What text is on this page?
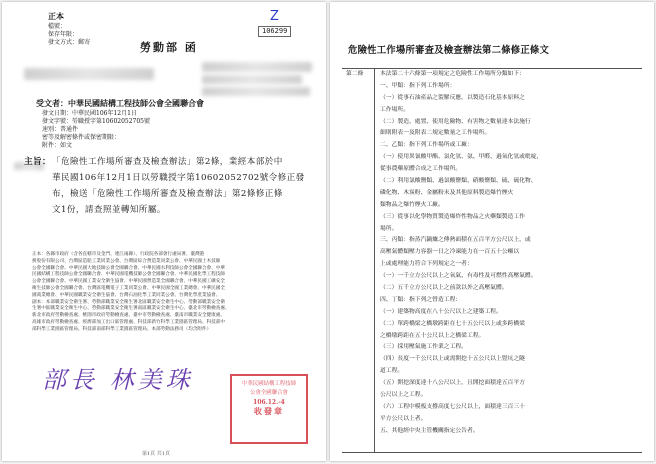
正本
檔號：
保存年限：
發文方式：郵寄
Z
106299
勞動部 函
受文者：中華民國結構工程技師公會全國聯合會
發文日期：中華民國106年12月1日
發文字號：勞職授字第10602052705號
速別：普通件
密等及解密條件或保密期限：
附件：如文
主旨： 「危險性工作場所審查及檢查辦法」第2條，業經本部於中
華民國106年12月1日以勞職授字第10602052702號令修正發
布，檢送「危險性工作場所審查及檢查辦法」第2條修正條
文1份，請查照並轉知所屬。
正本：各縣市政府（含各直轄市及金門、連江兩縣）、行政院各部會行處局署、臺灣港
務股份有限公司、台灣區造船工業同業公會、台灣區綜合營造業同業公會、中華民國土木技師
公會全國聯合會、中華民國大地技師公會全國聯合會、中華民國水利技師公會全國聯合會、中華
民國結構工程技師公會全國聯合會、中華民國電機技師公會全國聯合會、中華民國化學工程技師
公會全國聯合會、中華民國工業安全衛生協會、中華民國營造業全國聯合會、中華民國工礦安全
衛生技師公會全國聯合會、台灣區電機電子工業同業公會、中華民國全國工業總會、中華民國全
國商業總會、中華民國職業安全衛生協會、台灣石油化學工業同業公會、台灣化學產業協會、
副本：本部職業安全衛生署、勞動部職業安全衛生署北區職業安全衛生中心、勞動部職業安全衛
生署中區職業安全衛生中心、勞動部職業安全衛生署南區職業安全衛生中心、臺北市勞動檢查處、
新北市政府勞動檢查處、桃園市政府勞動檢查處、臺中市勞動檢查處、臺南市職業安全健康處、
高雄市政府勞動檢查處、經濟部加工出口區管理處、科技部新竹科學工業園區管理局、科技部中
部科學工業園區管理局、科技部南部科學工業園區管理局、本部勞動法務司（均含附件）
部長 林美珠	中華民國結構工程技師
公會全國聯合會
106.12.-4
收發章
第1頁 共1頁
危險性工作場所審查及檢查辦法第二條修正條文
第二條	本法第二十六條第一項規定之危險性工作場所分類如下：
一、甲類：指下列工作場所：
（一）從事石油產品之裂解反應，以製造石化基本原料之
工作場所。
（二）製造、處置、使用危險物、有害物之數量達本法施行
細則附表一及附表二規定數量之工作場所。
二、乙類：指下列工作場所或工廠：
（一）使用異氰酸甲酯、氯化氫、氨、甲醛、過氧化氫或吡啶，
從事農藥原體合成之工作場所。
（二）利用氯酸鹽類、過氯酸鹽類、硝酸鹽類、硫、硫化物、
磷化物、木炭粉、金屬粉末及其他原料製造爆竹煙火
類物品之爆竹煙火工廠。
（三）從事以化學物質製造爆炸性物品之火藥類製造工作
場所。
三、丙類：指蒸汽鍋爐之傳熱面積在五百平方公尺以上，或
高壓氣體類壓力容器一日之冷凍能力在一百五十公噸以
上或處理能力符合下列規定之一者：
（一）一千立方公尺以上之氧氣、有毒性及可燃性高壓氣體。
（二）五千立方公尺以上之前款以外之高壓氣體。
四、丁類：指下列之營造工程：
（一）建築物高度在八十公尺以上之建築工程。
（二）單跨橋梁之橋墩跨距在七十五公尺以上或多跨橋梁
之橋墩跨距在五十公尺以上之橋梁工程。
（三）採用壓氣施工作業之工程。
（四）長度一千公尺以上或需開挖十五公尺以上豎坑之隧
道工程。
（五）開挖深度達十八公尺以上，且開挖面積達五百平方
公尺以上之工程。
（六）工程中模板支撐高度七公尺以上，面積達三百三十
平方公尺以上者。
五、其他經中央主管機關指定公告者。
